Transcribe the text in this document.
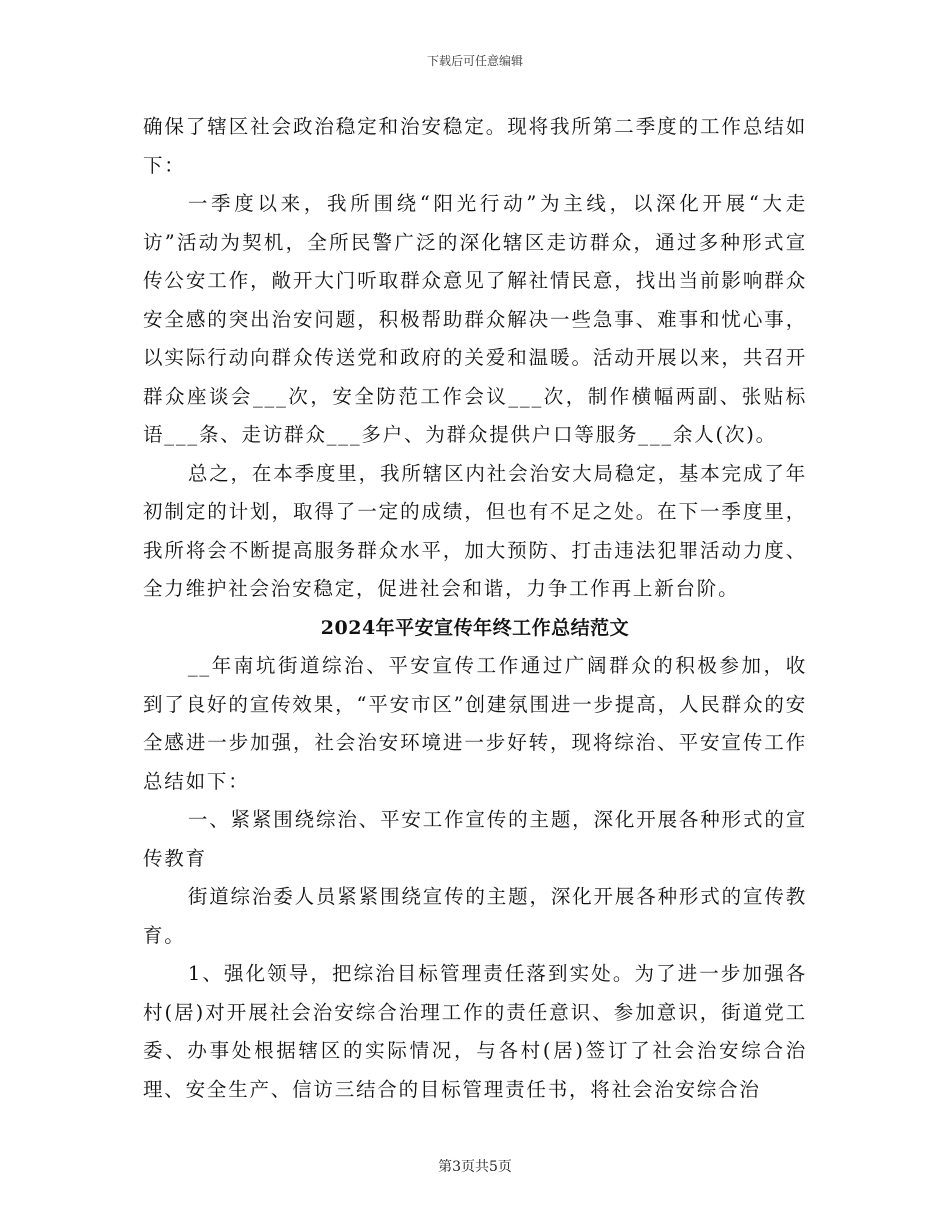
下载后可任意编辑

确保了辖区社会政治稳定和治安稳定。现将我所第二季度的工作总结如下：

一季度以来，我所围绕“阳光行动”为主线，以深化开展“大走访”活动为契机，全所民警广泛的深化辖区走访群众，通过多种形式宣传公安工作，敞开大门听取群众意见了解社情民意，找出当前影响群众安全感的突出治安问题，积极帮助群众解决一些急事、难事和忧心事，以实际行动向群众传送党和政府的关爱和温暖。活动开展以来，共召开群众座谈会___次，安全防范工作会议___次，制作横幅两副、张贴标语___条、走访群众___多户、为群众提供户口等服务___余人(次)。

总之，在本季度里，我所辖区内社会治安大局稳定，基本完成了年初制定的计划，取得了一定的成绩，但也有不足之处。在下一季度里，我所将会不断提高服务群众水平，加大预防、打击违法犯罪活动力度、全力维护社会治安稳定，促进社会和谐，力争工作再上新台阶。

2024年平安宣传年终工作总结范文

__年南坑街道综治、平安宣传工作通过广阔群众的积极参加，收到了良好的宣传效果，“平安市区”创建氛围进一步提高，人民群众的安全感进一步加强，社会治安环境进一步好转，现将综治、平安宣传工作总结如下：

一、紧紧围绕综治、平安工作宣传的主题，深化开展各种形式的宣传教育

街道综治委人员紧紧围绕宣传的主题，深化开展各种形式的宣传教育。

1、强化领导，把综治目标管理责任落到实处。为了进一步加强各村(居)对开展社会治安综合治理工作的责任意识、参加意识，街道党工委、办事处根据辖区的实际情况，与各村(居)签订了社会治安综合治理、安全生产、信访三结合的目标管理责任书，将社会治安综合治

第3页共5页
